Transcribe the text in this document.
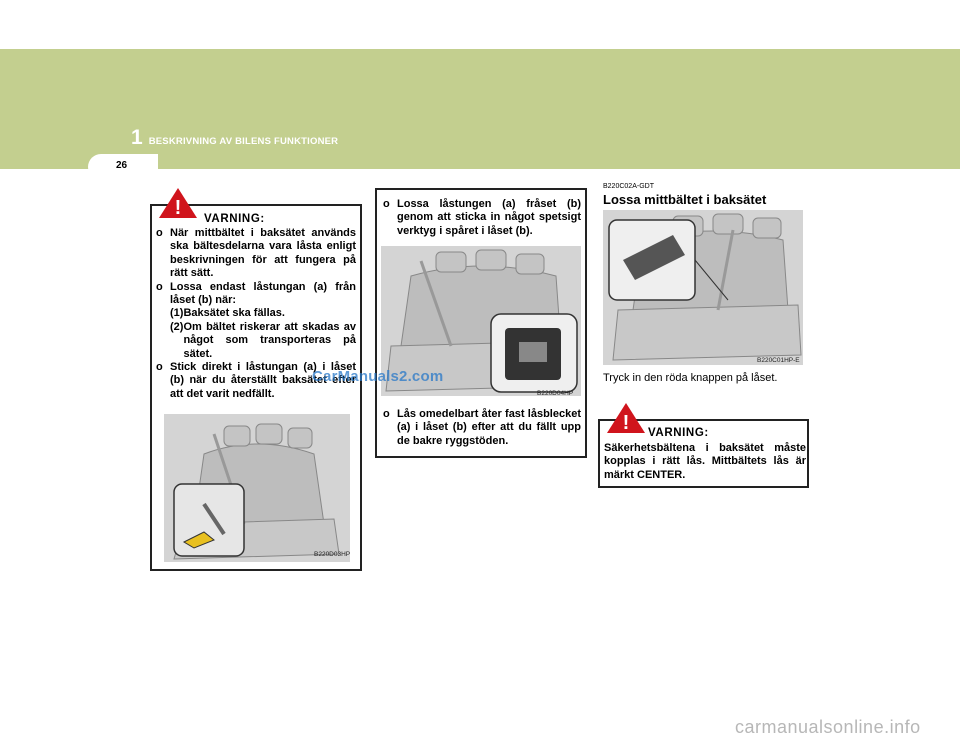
1 BESKRIVNING AV BILENS FUNKTIONER
26
VARNING:
o När mittbältet i baksätet används ska bältesdelarna vara låsta enligt beskrivningen för att fungera på rätt sätt.
o Lossa endast låstungan (a) från låset (b) när:
(1) Baksätet ska fällas.
(2) Om bältet riskerar att skadas av något som transporteras på sätet.
o Stick direkt i låstungan (a) i låset (b) när du återställt baksätet efter att det varit nedfällt.
B220D03HP
!	o Lossa låstungen (a) fråset (b) genom att sticka in något spetsigt verktyg i spåret i låset (b).
B220D04HP
o Lås omedelbart åter fast låsblecket (a) i låset (b) efter att du fällt upp de bakre ryggstöden.
CarManuals2.com
B220C02A-GDT
Lossa mittbältet i baksätet
B220C01HP-E
Tryck in den röda knappen på låset.
VARNING:
Säkerhetsbältena i baksätet måste kopplas i rätt lås. Mittbältets lås är märkt CENTER.
!
carmanualsonline.info
